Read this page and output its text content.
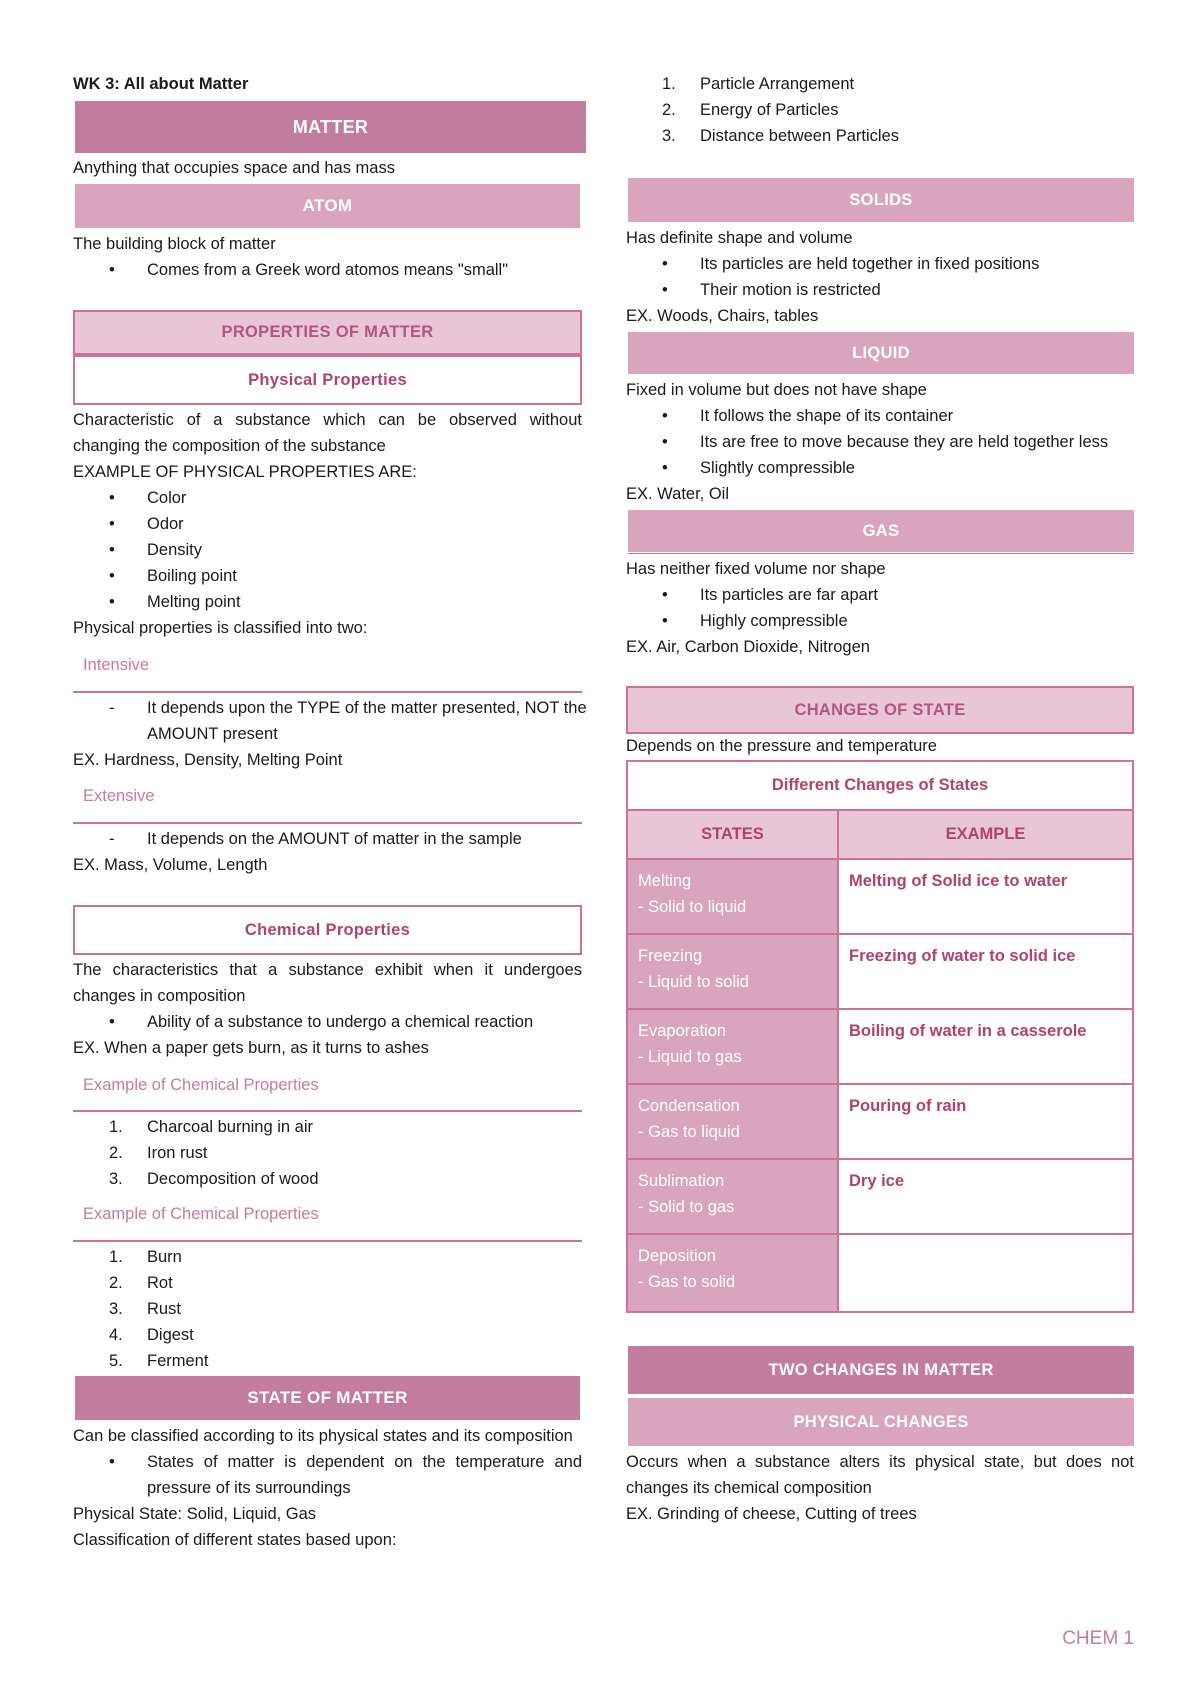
WK 3: All about Matter
MATTER
Anything that occupies space and has mass
ATOM
The building block of matter
• Comes from a Greek word atomos means "small"
PROPERTIES OF MATTER
Physical Properties
Characteristic of a substance which can be observed without changing the composition of the substance
EXAMPLE OF PHYSICAL PROPERTIES ARE:
• Color
• Odor
• Density
• Boiling point
• Melting point
Physical properties is classified into two:
Intensive
- It depends upon the TYPE of the matter presented, NOT the
AMOUNT present
EX. Hardness, Density, Melting Point
Extensive
- It depends on the AMOUNT of matter in the sample
EX. Mass, Volume, Length
Chemical Properties
The characteristics that a substance exhibit when it undergoes changes in composition
• Ability of a substance to undergo a chemical reaction
EX. When a paper gets burn, as it turns to ashes
Example of Chemical Properties
1. Charcoal burning in air
2. Iron rust
3. Decomposition of wood
Example of Chemical Properties
1. Burn
2. Rot
3. Rust
4. Digest
5. Ferment
STATE OF MATTER
Can be classified according to its physical states and its composition
• States of matter is dependent on the temperature and
pressure of its surroundings
Physical State: Solid, Liquid, Gas
Classification of different states based upon:
1. Particle Arrangement
2. Energy of Particles
3. Distance between Particles
SOLIDS
Has definite shape and volume
• Its particles are held together in fixed positions
• Their motion is restricted
EX. Woods, Chairs, tables
LIQUID
Fixed in volume but does not have shape
• It follows the shape of its container
• Its are free to move because they are held together less
• Slightly compressible
EX. Water, Oil
GAS
Has neither fixed volume nor shape
• Its particles are far apart
• Highly compressible
EX. Air, Carbon Dioxide, Nitrogen
CHANGES OF STATE
Depends on the pressure and temperature
Different Changes of States
STATES	EXAMPLE
Melting
- Solid to liquid
Melting of Solid ice to water
Freezing
- Liquid to solid
Freezing of water to solid ice
Evaporation
- Liquid to gas
Boiling of water in a casserole
Condensation
- Gas to liquid
Pouring of rain
Sublimation
- Solid to gas
Dry ice
Deposition
- Gas to solid
TWO CHANGES IN MATTER
PHYSICAL CHANGES
Occurs when a substance alters its physical state, but does not changes its chemical composition
EX. Grinding of cheese, Cutting of trees
CHEM 1
